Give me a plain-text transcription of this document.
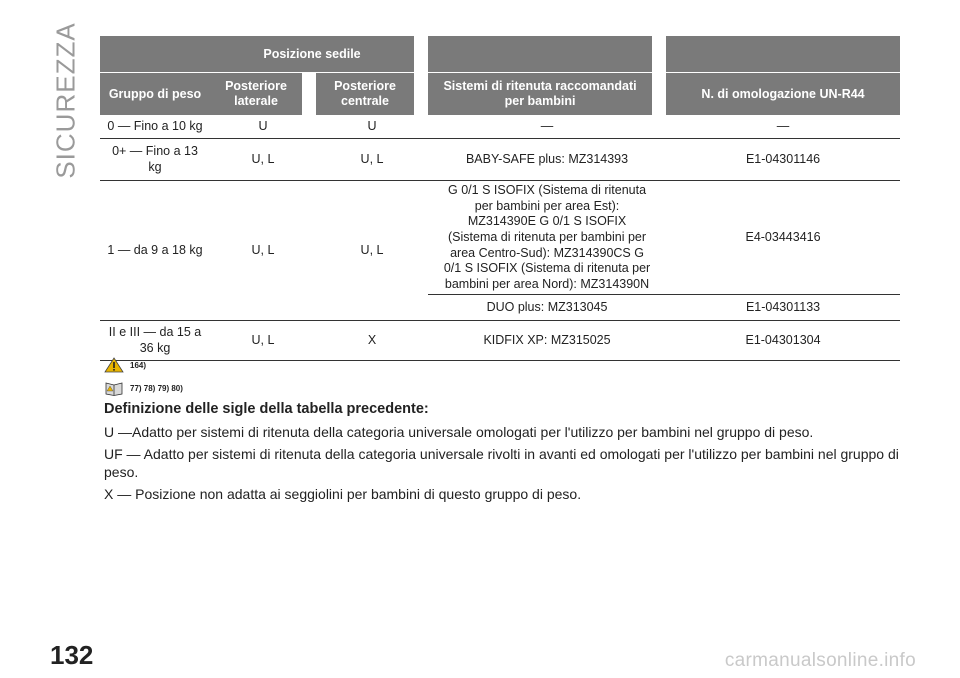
SICUREZZA
		Posizione sedile						
Gruppo di peso	Posteriore laterale		Posteriore centrale		Sistemi di ritenuta raccomandati per bambini		N. di omologazione UN-R44
0 — Fino a 10 kg	U		U		—		—
0+ — Fino a 13 kg	U, L		U, L		BABY-SAFE plus: MZ314393		E1-04301146
1 — da 9 a 18 kg	U, L		U, L		G 0/1 S ISOFIX (Sistema di ritenuta per bambini per area Est): MZ314390E G 0/1 S ISOFIX (Sistema di ritenuta per bambini per area Centro-Sud): MZ314390CS G 0/1 S ISOFIX (Sistema di ritenuta per bambini per area Nord): MZ314390N		E4-03443416
					DUO plus: MZ313045		E1-04301133
II e III — da 15 a 36 kg	U, L		X		KIDFIX XP: MZ315025		E1-04301304
164)
77) 78) 79) 80)
Definizione delle sigle della tabella precedente:

U —Adatto per sistemi di ritenuta della categoria universale omologati per l'utilizzo per bambini nel gruppo di peso.

UF — Adatto per sistemi di ritenuta della categoria universale rivolti in avanti ed omologati per l'utilizzo per bambini nel gruppo di peso.

X — Posizione non adatta ai seggiolini per bambini di questo gruppo di peso.

132	carmanualsonline.info
